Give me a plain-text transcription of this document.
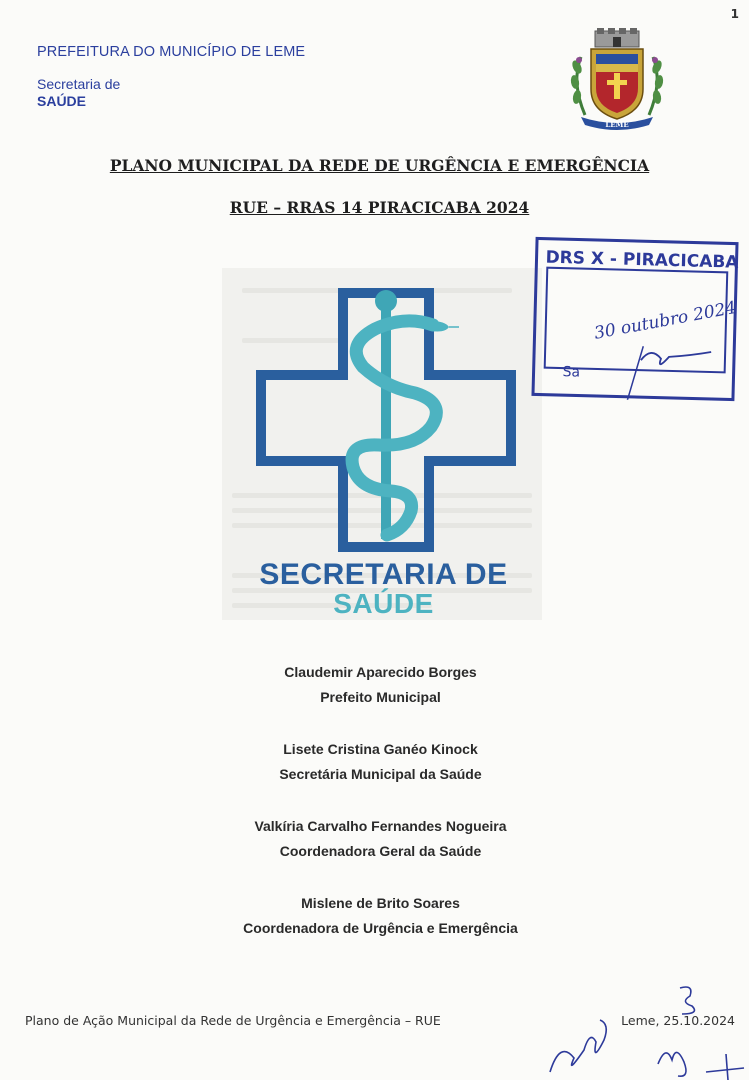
1
PREFEITURA DO MUNICÍPIO DE LEME
Secretaria de
SAÚDE
LEME
PLANO MUNICIPAL DA REDE DE URGÊNCIA E EMERGÊNCIA
RUE – RRAS 14 PIRACICABA 2024
SECRETARIA DE
SAÚDE
DRS X - PIRACICABA
30 outubro 2024
Sa
Claudemir Aparecido Borges
Prefeito Municipal
Lisete Cristina Ganéo Kinock
Secretária Municipal da Saúde
Valkíria Carvalho Fernandes Nogueira
Coordenadora Geral da Saúde
Mislene de Brito Soares
Coordenadora de Urgência e Emergência
Plano de Ação Municipal da Rede de Urgência e Emergência – RUE	Leme, 25.10.2024
